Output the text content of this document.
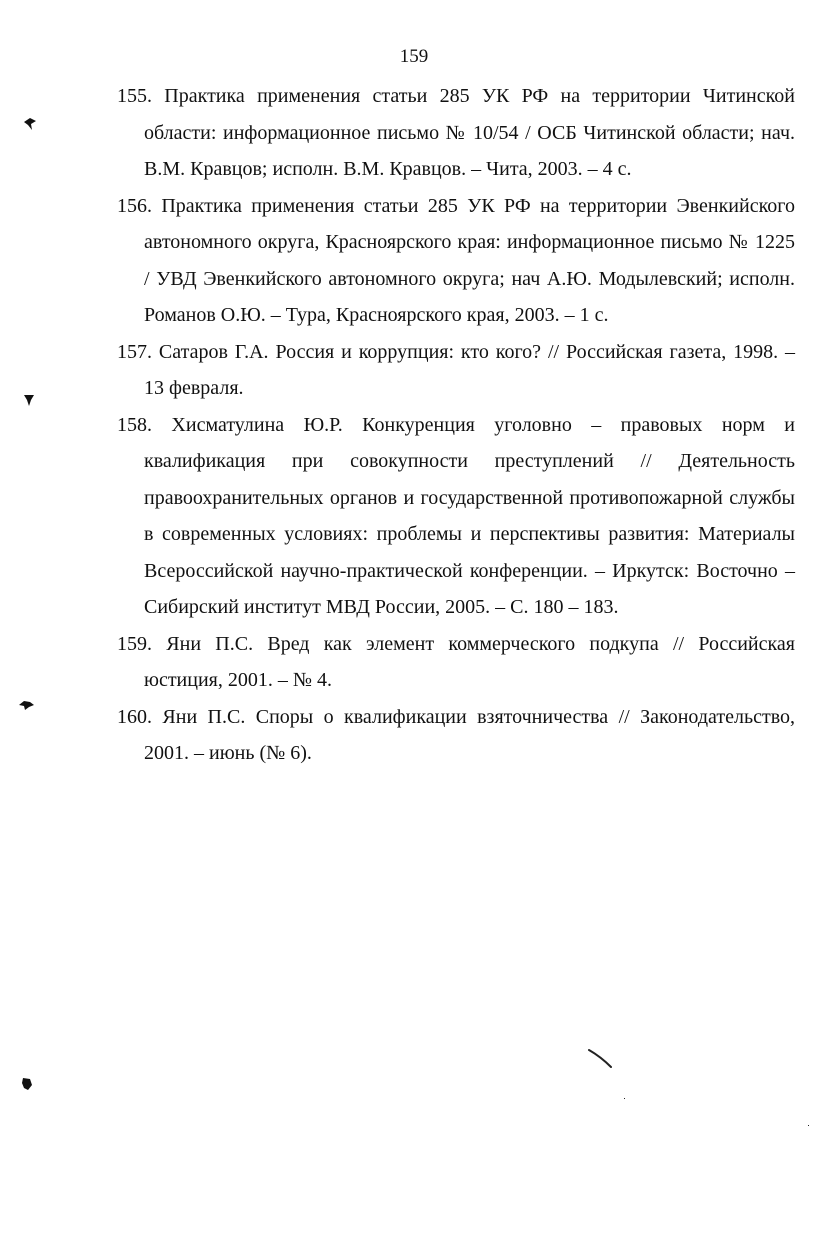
159

155. Практика применения статьи 285 УК РФ на территории Читинской области: информационное письмо № 10/54 / ОСБ Читинской области; нач. В.М. Кравцов; исполн. В.М. Кравцов. – Чита, 2003. – 4 с.

156. Практика применения статьи 285 УК РФ на территории Эвенкийского автономного округа, Красноярского края: информационное письмо № 1225 / УВД Эвенкийского автономного округа; нач А.Ю. Модылевский; исполн. Романов О.Ю. – Тура, Красноярского края, 2003. – 1 с.

157. Сатаров Г.А. Россия и коррупция: кто кого? // Российская газета, 1998. – 13 февраля.

158. Хисматулина Ю.Р. Конкуренция уголовно – правовых норм и квалификация при совокупности преступлений // Деятельность правоохранительных органов и государственной противопожарной службы в современных условиях: проблемы и перспективы развития: Материалы Всероссийской научно-практической конференции. – Иркутск: Восточно – Сибирский институт МВД России, 2005. – С. 180 – 183.

159. Яни П.С. Вред как элемент коммерческого подкупа // Российская юстиция, 2001. – № 4.

160. Яни П.С. Споры о квалификации взяточничества // Законодательство, 2001. – июнь (№ 6).
